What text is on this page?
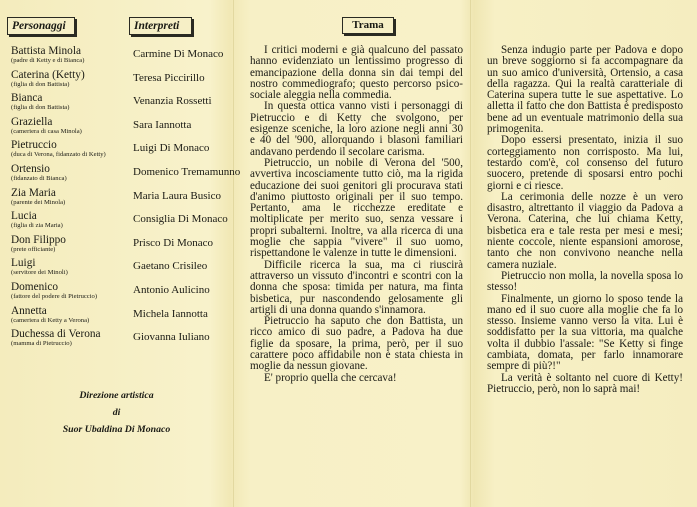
Personaggi	Interpreti
Battista Minola
(padre di Ketty e di Bianca)
Carmine Di Monaco
Caterina (Ketty)
(figlia di don Battista)
Teresa Piccirillo
Bianca
(figlia di don Battista)
Venanzia Rossetti
Graziella
(cameriera di casa Minola)
Sara Iannotta
Pietruccio
(duca di Verona, fidanzato di Ketty)
Luigi Di Monaco
Ortensio
(fidanzato di Bianca)
Domenico Tremamunno
Zia Maria
(parente dei Minola)
Maria Laura Busico
Lucia
(figlia di zia Maria)
Consiglia Di Monaco
Don Filippo
(prete officiante)
Prisco Di Monaco
Luigi
(servitore dei Minoli)
Gaetano Crisileo
Domenico
(fattore del podere di Pietruccio)
Antonio Aulicino
Annetta
(cameriera di Ketty a Verona)
Michela Iannotta
Duchessa di Verona
(mamma di Pietruccio)
Giovanna Iuliano
Direzione artistica
di
Suor Ubaldina Di Monaco
Trama

I critici moderni e già qualcuno del passato hanno evidenziato un lentissimo progresso di emancipazione della donna sin dai tempi del nostro commediografo; questo percorso psico-sociale aleggia nella commedia.

In questa ottica vanno visti i personaggi di Pietruccio e di Ketty che svolgono, per esigenze sceniche, la loro azione negli anni 30 e 40 del '900, allorquando i blasoni familiari andavano perdendo il secolare carisma.

Pietruccio, un nobile di Verona del '500, avvertiva incosciamente tutto ciò, ma la rigida educazione dei suoi genitori gli procurava stati d'animo piuttosto originali per il suo tempo. Pertanto, ama le ricchezze ereditate e moltiplicate per merito suo, senza vessare i propri subalterni. Inoltre, va alla ricerca di una moglie che sappia "vivere" il suo uomo, rispettandone le valenze in tutte le dimensioni.

Difficile ricerca la sua, ma ci riuscirà attraverso un vissuto d'incontri e scontri con la donna che sposa: timida per natura, ma finta bisbetica, pur nascondendo gelosamente gli artigli di una donna quando s'innamora.

Pietruccio ha saputo che don Battista, un ricco amico di suo padre, a Padova ha due figlie da sposare, la prima, però, per il suo carattere poco affidabile non è stata chiesta in moglie da nessun giovane.

E' proprio quella che cercava!

Senza indugio parte per Padova e dopo un breve soggiorno si fa accompagnare da un suo amico d'università, Ortensio, a casa della ragazza. Qui la realtà caratteriale di Caterina supera tutte le sue aspettative. Lo alletta il fatto che don Battista è predisposto bene ad un eventuale matrimonio della sua primogenita.

Dopo essersi presentato, inizia il suo corteggiamento non corrisposto. Ma lui, testardo com'è, col consenso del futuro suocero, pretende di sposarsi entro pochi giorni e ci riesce.

La cerimonia delle nozze è un vero disastro, altrettanto il viaggio da Padova a Verona. Caterina, che lui chiama Ketty, bisbetica era e tale resta per mesi e mesi; niente coccole, niente espansioni amorose, tanto che non convivono neanche nella camera nuziale.

Pietruccio non molla, la novella sposa lo stesso!

Finalmente, un giorno lo sposo tende la mano ed il suo cuore alla moglie che fa lo stesso. Insieme vanno verso la vita. Lui è soddisfatto per la sua vittoria, ma qualche volta il dubbio l'assale: "Se Ketty si finge cambiata, domata, per farlo innamorare sempre di più?!"

La verità è soltanto nel cuore di Ketty! Pietruccio, però, non lo saprà mai!
